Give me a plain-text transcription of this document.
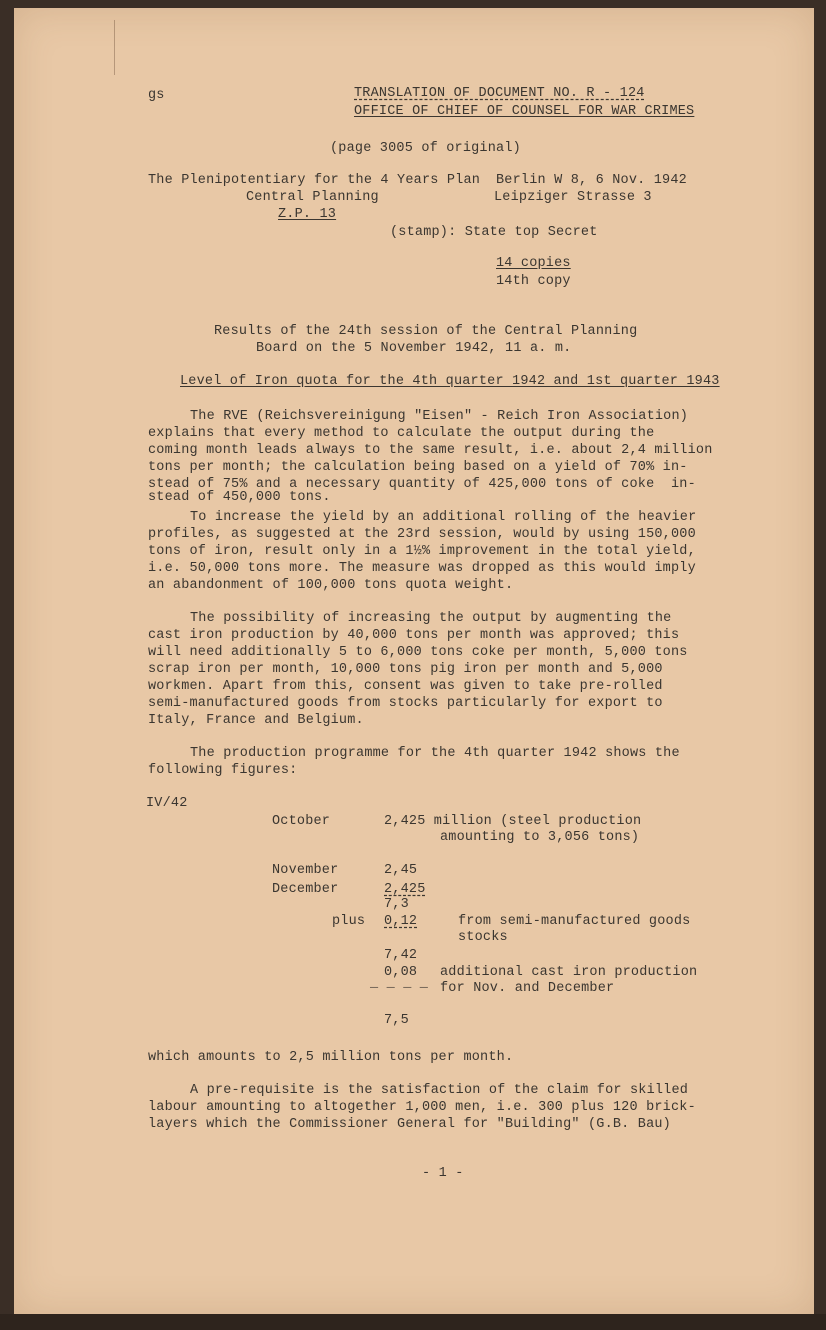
gs	TRANSLATION OF DOCUMENT NO. R - 124
OFFICE OF CHIEF OF COUNSEL FOR WAR CRIMES
(page 3005 of original)
The Plenipotentiary for the 4 Years Plan
Central Planning
Z.P. 13
Berlin W 8, 6 Nov. 1942
Leipziger Strasse 3
(stamp): State top Secret
14 copies
14th copy
Results of the 24th session of the Central Planning
Board on the 5 November 1942, 11 a. m.
Level of Iron quota for the 4th quarter 1942 and 1st quarter 1943
The RVE (Reichsvereinigung "Eisen" - Reich Iron Association)
explains that every method to calculate the output during the
coming month leads always to the same result, i.e. about 2,4 million
tons per month; the calculation being based on a yield of 70% in-
stead of 75% and a necessary quantity of 425,000 tons of coke  in-
stead of 450,000 tons.
To increase the yield by an additional rolling of the heavier
profiles, as suggested at the 23rd session, would by using 150,000
tons of iron, result only in a 1½% improvement in the total yield,
i.e. 50,000 tons more. The measure was dropped as this would imply
an abandonment of 100,000 tons quota weight.
The possibility of increasing the output by augmenting the
cast iron production by 40,000 tons per month was approved; this
will need additionally 5 to 6,000 tons coke per month, 5,000 tons
scrap iron per month, 10,000 tons pig iron per month and 5,000
workmen. Apart from this, consent was given to take pre-rolled
semi-manufactured goods from stocks particularly for export to
Italy, France and Belgium.
The production programme for the 4th quarter 1942 shows the
following figures:
IV/42
October	2,425 million (steel production
amounting to 3,056 tons)
November	2,45
December	2,425
7,3
plus 0,12	from semi-manufactured goods
stocks
7,42
0,08 additional cast iron production
for Nov. and December
_ _ _ _
7,5
which amounts to 2,5 million tons per month.
A pre-requisite is the satisfaction of the claim for skilled
labour amounting to altogether 1,000 men, i.e. 300 plus 120 brick-
layers which the Commissioner General for "Building" (G.B. Bau)
- 1 -
